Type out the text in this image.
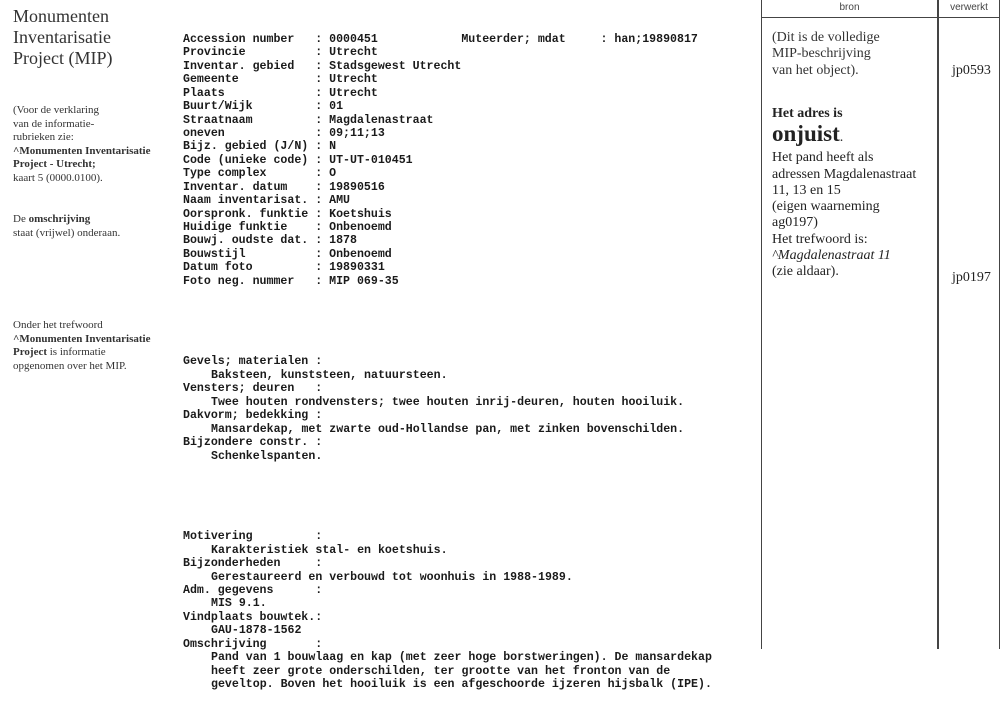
Monumenten
Inventarisatie
Project (MIP)
(Voor de verklaring
van de informatie-
rubrieken zie:
^Monumenten Inventarisatie
Project - Utrecht;
kaart 5 (0000.0100).
De omschrijving
staat (vrijwel) onderaan.
Onder het trefwoord
^Monumenten Inventarisatie
Project is informatie
opgenomen over het MIP.

Accession number   : 0000451            Muteerder; mdat     : han;19890817
Provincie          : Utrecht
Inventar. gebied   : Stadsgewest Utrecht
Gemeente           : Utrecht
Plaats             : Utrecht
Buurt/Wijk         : 01
Straatnaam         : Magdalenastraat
oneven             : 09;11;13
Bijz. gebied (J/N) : N
Code (unieke code) : UT-UT-010451
Type complex       : O
Inventar. datum    : 19890516
Naam inventarisat. : AMU
Oorspronk. funktie : Koetshuis
Huidige funktie    : Onbenoemd
Bouwj. oudste dat. : 1878
Bouwstijl          : Onbenoemd
Datum foto         : 19890331
Foto neg. nummer   : MIP 069-35

Gevels; materialen :
Baksteen, kunststeen, natuursteen.
Vensters; deuren   :
Twee houten rondvensters; twee houten inrij-deuren, houten hooiluik.
Dakvorm; bedekking :
Mansardekap, met zwarte oud-Hollandse pan, met zinken bovenschilden.
Bijzondere constr. :
Schenkelspanten.

Motivering         :
Karakteristiek stal- en koetshuis.
Bijzonderheden     :
Gerestaureerd en verbouwd tot woonhuis in 1988-1989.
Adm. gegevens      :
MIS 9.1.
Vindplaats bouwtek.:
GAU-1878-1562
Omschrijving       :
Pand van 1 bouwlaag en kap (met zeer hoge borstweringen). De mansardekap
heeft zeer grote onderschilden, ter grootte van het fronton van de
geveltop. Boven het hooiluik is een afgeschoorde ijzeren hijsbalk (IPE).

bron	verwerkt
(Dit is de volledige
MIP-beschrijving
van het object).	jp0593
Het adres is
onjuist.
Het pand heeft als
adressen Magdalenastraat
11, 13 en 15
(eigen waarneming
ag0197)
Het trefwoord is:
^Magdalenastraat 11
(zie aldaar).	jp0197
